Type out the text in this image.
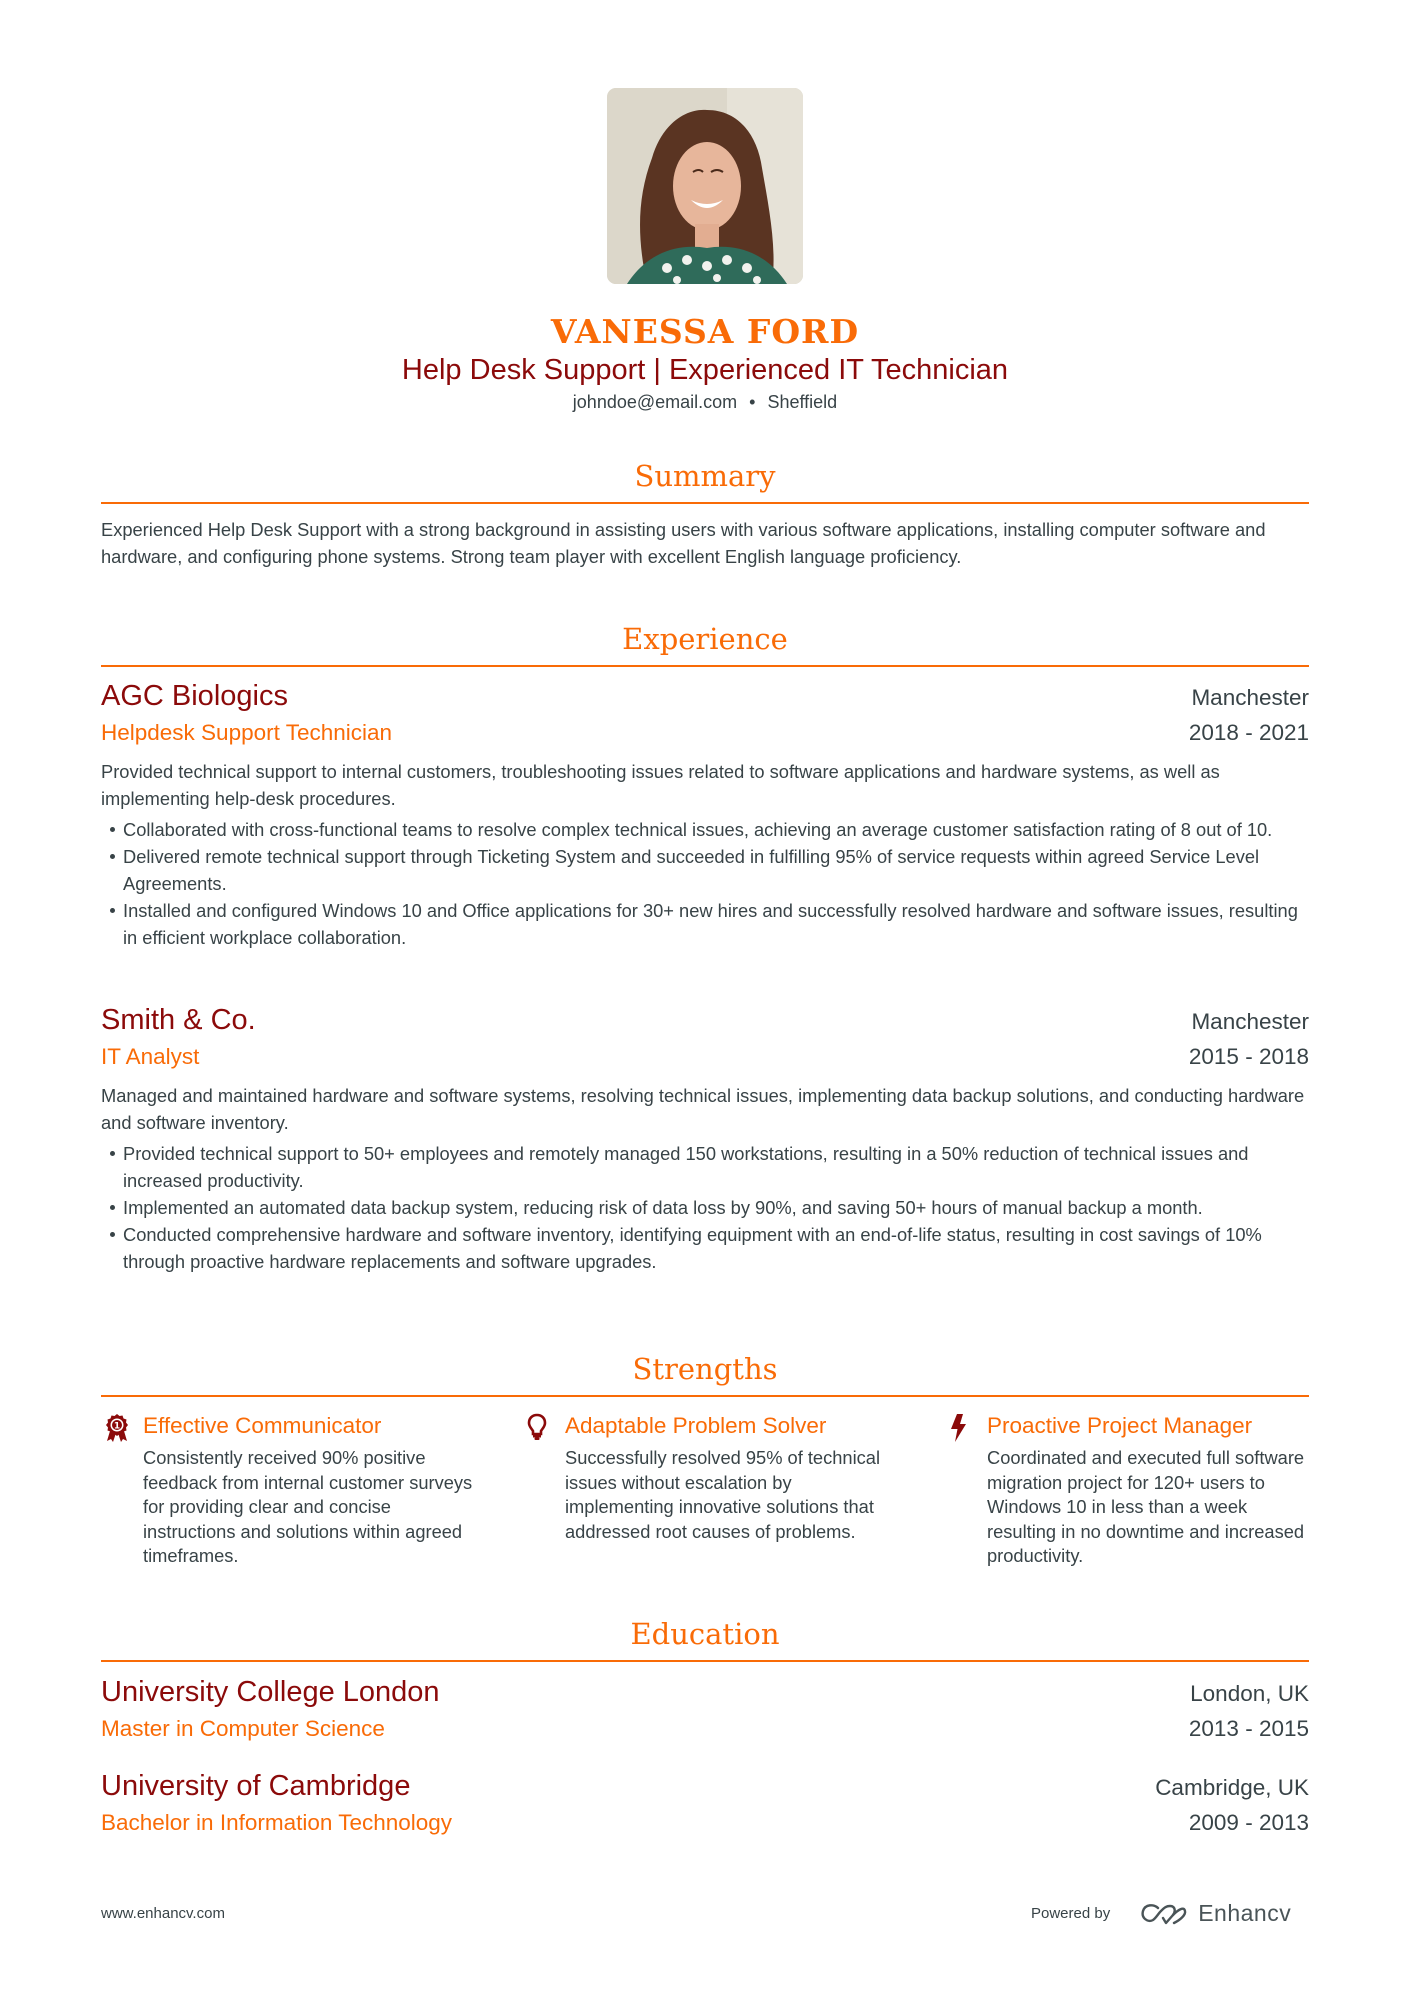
VANESSA FORD
Help Desk Support | Experienced IT Technician
johndoe@email.com • Sheffield
Summary
Experienced Help Desk Support with a strong background in assisting users with various software applications, installing computer software and hardware, and configuring phone systems. Strong team player with excellent English language proficiency.
Experience
AGC Biologics	Manchester
Helpdesk Support Technician	2018 - 2021
Provided technical support to internal customers, troubleshooting issues related to software applications and hardware systems, as well as implementing help-desk procedures.
Collaborated with cross-functional teams to resolve complex technical issues, achieving an average customer satisfaction rating of 8 out of 10.
Delivered remote technical support through Ticketing System and succeeded in fulfilling 95% of service requests within agreed Service Level Agreements.
Installed and configured Windows 10 and Office applications for 30+ new hires and successfully resolved hardware and software issues, resulting in efficient workplace collaboration.
Smith & Co.	Manchester
IT Analyst	2015 - 2018
Managed and maintained hardware and software systems, resolving technical issues, implementing data backup solutions, and conducting hardware and software inventory.
Provided technical support to 50+ employees and remotely managed 150 workstations, resulting in a 50% reduction of technical issues and increased productivity.
Implemented an automated data backup system, reducing risk of data loss by 90%, and saving 50+ hours of manual backup a month.
Conducted comprehensive hardware and software inventory, identifying equipment with an end-of-life status, resulting in cost savings of 10% through proactive hardware replacements and software upgrades.
Strengths
1 Effective Communicator
Consistently received 90% positive feedback from internal customer surveys for providing clear and concise instructions and solutions within agreed timeframes.
Adaptable Problem Solver
Successfully resolved 95% of technical issues without escalation by implementing innovative solutions that addressed root causes of problems.
Proactive Project Manager
Coordinated and executed full software migration project for 120+ users to Windows 10 in less than a week resulting in no downtime and increased productivity.
Education
University College London	London, UK
Master in Computer Science	2013 - 2015
University of Cambridge	Cambridge, UK
Bachelor in Information Technology	2009 - 2013
www.enhancv.com	Powered by	Enhancv
